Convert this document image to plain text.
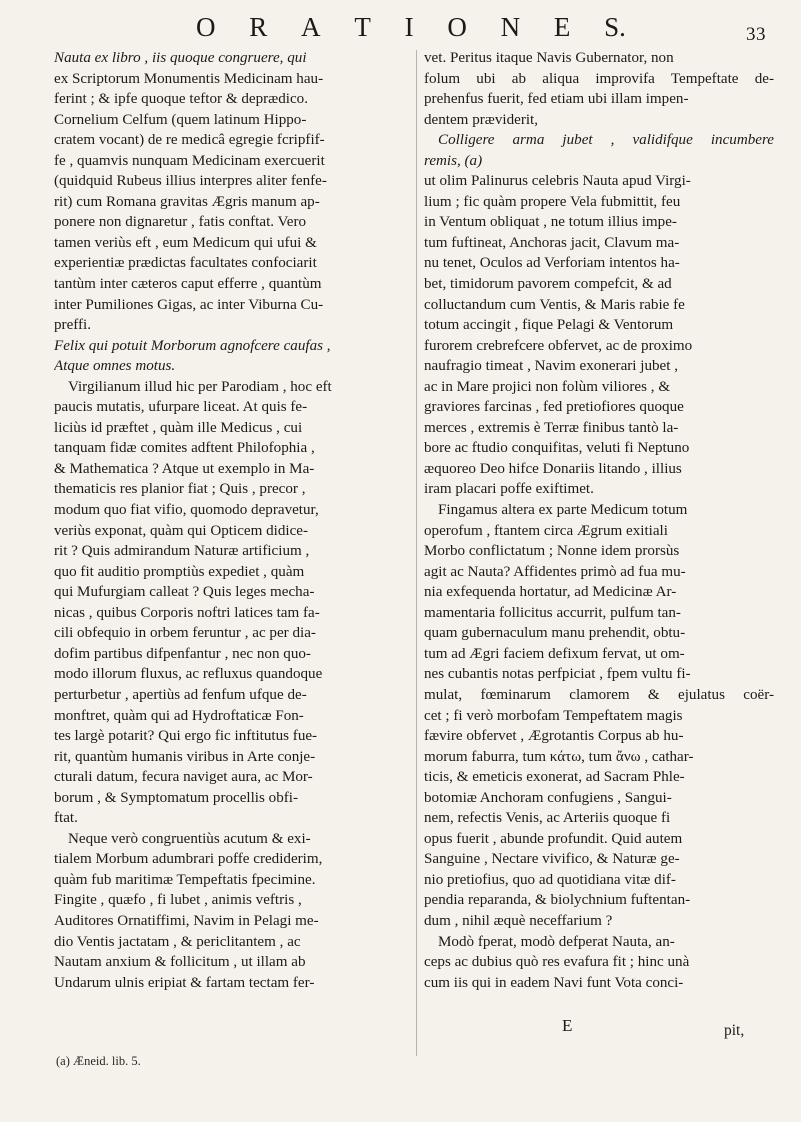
O R A T I O N E S.	33
Nauta ex libro , iis quoque congruere, qui
ex Scriptorum Monumentis Medicinam hau-
ferint ; & ipfe quoque teftor & deprædico.
Cornelium Celfum (quem latinum Hippo-
cratem vocant) de re medicâ egregie fcripfif-
fe , quamvis nunquam Medicinam exercuerit
(quidquid Rubeus illius interpres aliter fenfe-
rit) cum Romana gravitas Ægris manum ap-
ponere non dignaretur , fatis conftat. Vero
tamen veriùs eft , eum Medicum qui ufui &
experientiæ prædictas facultates confociarit
tantùm inter cæteros caput efferre , quantùm
inter Pumiliones Gigas, ac inter Viburna Cu-
preffi.
Felix qui potuit Morborum agnofcere caufas ,
Atque omnes motus.
Virgilianum illud hic per Parodiam , hoc eft
paucis mutatis, ufurpare liceat. At quis fe-
liciùs id præftet , quàm ille Medicus , cui
tanquam fidæ comites adftent Philofophia ,
& Mathematica ? Atque ut exemplo in Ma-
thematicis res planior fiat ; Quis , precor ,
modum quo fiat vifio, quomodo depravetur,
veriùs exponat, quàm qui Opticem didice-
rit ? Quis admirandum Naturæ artificium ,
quo fit auditio promptiùs expediet , quàm
qui Mufurgiam calleat ? Quis leges mecha-
nicas , quibus Corporis noftri latices tam fa-
cili obfequio in orbem feruntur , ac per dia-
dofim partibus difpenfantur , nec non quo-
modo illorum fluxus, ac refluxus quandoque
perturbetur , apertiùs ad fenfum ufque de-
monftret, quàm qui ad Hydroftaticæ Fon-
tes largè potarit? Qui ergo fic inftitutus fue-
rit, quantùm humanis viribus in Arte conje-
cturali datum, fecura naviget aura, ac Mor-
borum , & Symptomatum procellis obfi-
ftat.
Neque verò congruentiùs acutum & exi-
tialem Morbum adumbrari poffe crediderim,
quàm fub maritimæ Tempeftatis fpecimine.
Fingite , quæfo , fi lubet , animis veftris ,
Auditores Ornatiffimi, Navim in Pelagi me-
dio Ventis jactatam , & periclitantem , ac
Nautam anxium & follicitum , ut illam ab
Undarum ulnis eripiat & fartam tectam fer-
vet. Peritus itaque Navis Gubernator, non
folum ubi ab aliqua improvifa Tempeftate de-
prehenfus fuerit, fed etiam ubi illam impen-
dentem præviderit,
Colligere arma jubet , validifque incumbere
remis, (a)
ut olim Palinurus celebris Nauta apud Virgi-
lium ; fic quàm propere Vela fubmittit, feu
in Ventum obliquat , ne totum illius impe-
tum fuftineat, Anchoras jacit, Clavum ma-
nu tenet, Oculos ad Verforiam intentos ha-
bet, timidorum pavorem compefcit, & ad
colluctandum cum Ventis, & Maris rabie fe
totum accingit , fique Pelagi & Ventorum
furorem crebrefcere obfervet, ac de proximo
naufragio timeat , Navim exonerari jubet ,
ac in Mare projici non folùm viliores , &
graviores farcinas , fed pretiofiores quoque
merces , extremis è Terræ finibus tantò la-
bore ac ftudio conquifitas, veluti fi Neptuno
æquoreo Deo hifce Donariis litando , illius
iram placari poffe exiftimet.
Fingamus altera ex parte Medicum totum
operofum , ftantem circa Ægrum exitiali
Morbo conflictatum ; Nonne idem prorsùs
agit ac Nauta? Affidentes primò ad fua mu-
nia exfequenda hortatur, ad Medicinæ Ar-
mamentaria follicitus accurrit, pulfum tan-
quam gubernaculum manu prehendit, obtu-
tum ad Ægri faciem defixum fervat, ut om-
nes cubantis notas perfpiciat , fpem vultu fi-
mulat, fœminarum clamorem & ejulatus coër-
cet ; fi verò morbofam Tempeftatem magis
fævire obfervet , Ægrotantis Corpus ab hu-
morum faburra, tum κάτω, tum ἄνω , cathar-
ticis, & emeticis exonerat, ad Sacram Phle-
botomiæ Anchoram confugiens , Sangui-
nem, refectis Venis, ac Arteriis quoque fi
opus fuerit , abunde profundit. Quid autem
Sanguine , Nectare vivifico, & Naturæ ge-
nio pretiofius, quo ad quotidiana vitæ dif-
pendia reparanda, & biolychnium fuftentan-
dum , nihil æquè neceffarium ?
Modò fperat, modò defperat Nauta, an-
ceps ac dubius quò res evafura fit ; hinc unà
cum iis qui in eadem Navi funt Vota conci-
E	pit,
(a) Æneid. lib. 5.
